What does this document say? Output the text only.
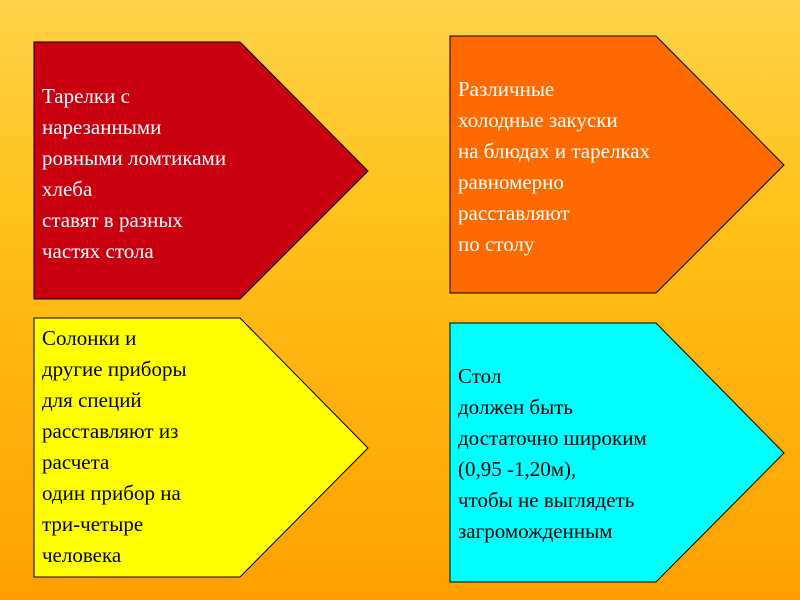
Тарелки с
нарезанными
ровными ломтиками
хлеба
ставят в разных
частях стола

Различные
холодные закуски
на блюдах и тарелках
равномерно
расставляют
по столу

Солонки и
другие приборы
для специй
расставляют из
расчета
один прибор на
три-четыре
человека

Стол
должен быть
достаточно широким
(0,95 -1,20м),
чтобы не выглядеть
загроможденным
